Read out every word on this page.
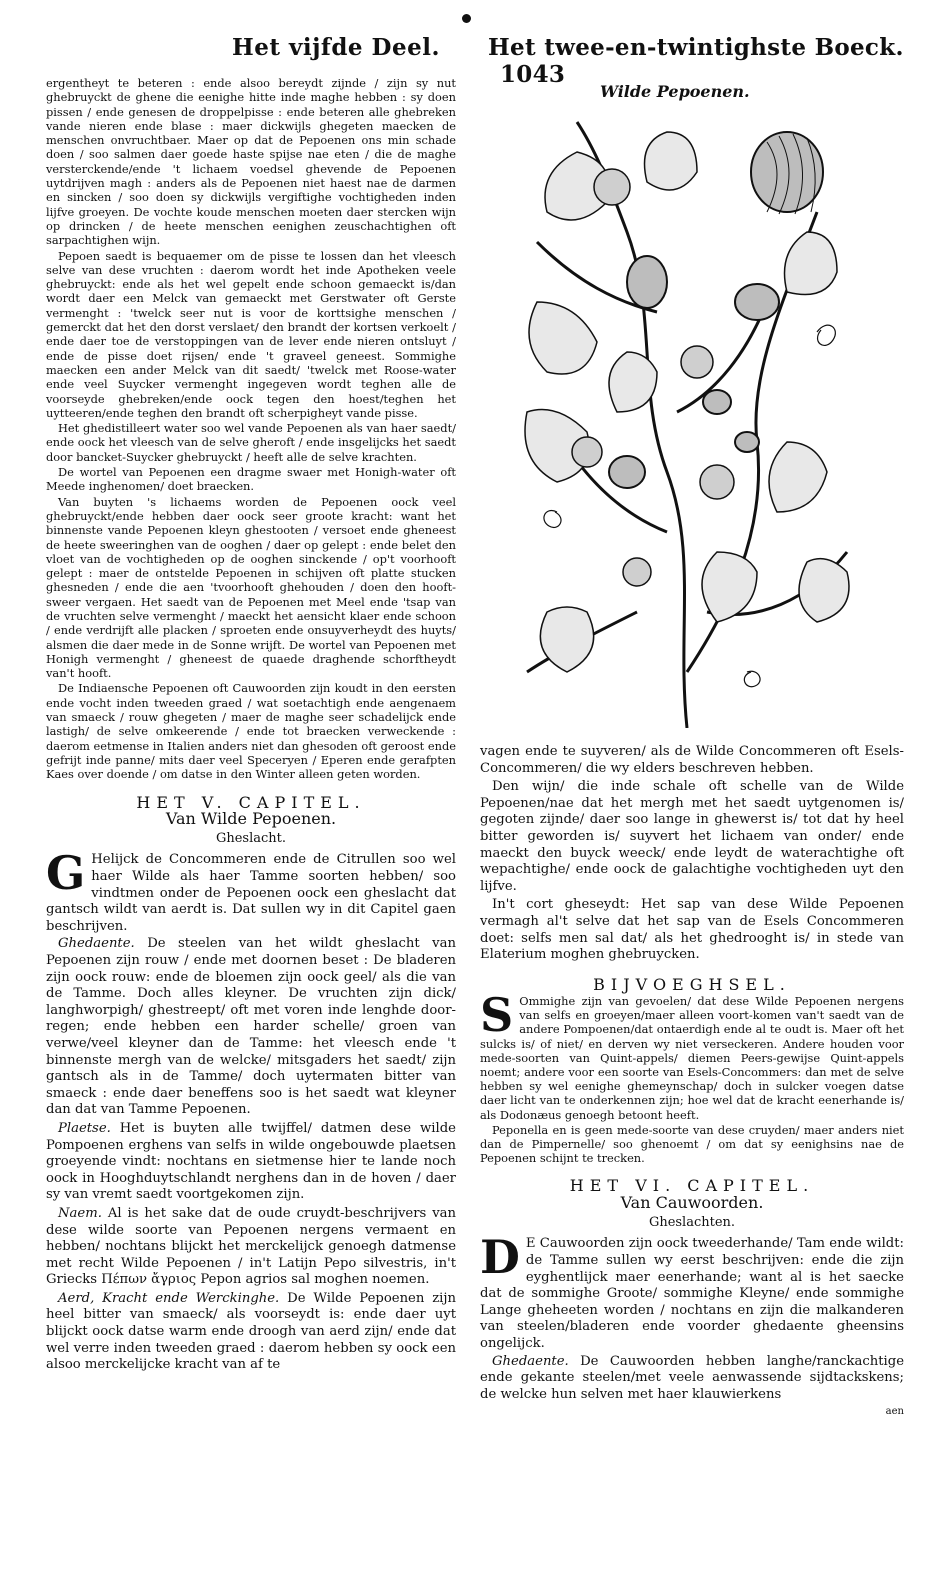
Het vijfde Deel. Het twee-en-twintighste Boeck. 1043

ergentheyt te beteren : ende alsoo bereydt zijnde / zijn sy nut ghebruyckt de ghene die eenighe hitte inde maghe hebben : sy doen pissen / ende genesen de droppelpisse : ende beteren alle ghebreken vande nieren ende blase : maer dickwijls ghegeten maecken de menschen onvruchtbaer. Maer op dat de Pepoenen ons min schade doen / soo salmen daer goede haste spijse nae eten / die de maghe versterckende/ende 't lichaem voedsel ghevende de Pepoenen uytdrijven magh : anders als de Pepoenen niet haest nae de darmen en sincken / soo doen sy dickwijls vergiftighe vochtigheden inden lijfve groeyen. De vochte koude menschen moeten daer stercken wijn op drincken / de heete menschen eenighen zeuschachtighen oft sarpachtighen wijn.

Pepoen saedt is bequaemer om de pisse te lossen dan het vleesch selve van dese vruchten : daerom wordt het inde Apotheken veele ghebruyckt: ende als het wel gepelt ende schoon gemaeckt is/dan wordt daer een Melck van gemaeckt met Gerstwater oft Gerste vermenght : 'twelck seer nut is voor de korttsighe menschen / gemerckt dat het den dorst verslaet/ den brandt der kortsen verkoelt / ende daer toe de verstoppingen van de lever ende nieren ontsluyt / ende de pisse doet rijsen/ ende 't graveel geneest. Sommighe maecken een ander Melck van dit saedt/ 'twelck met Roose-water ende veel Suycker vermenght ingegeven wordt teghen alle de voorseyde ghebreken/ende oock tegen den hoest/teghen het uytteeren/ende teghen den brandt oft scherpigheyt vande pisse.

Het ghedistilleert water soo wel vande Pepoenen als van haer saedt/ ende oock het vleesch van de selve gheroft / ende insgelijcks het saedt door bancket-Suycker ghebruyckt / heeft alle de selve krachten.

De wortel van Pepoenen een dragme swaer met Honigh-water oft Meede inghenomen/ doet braecken.

Van buyten 's lichaems worden de Pepoenen oock veel ghebruyckt/ende hebben daer oock seer groote kracht: want het binnenste vande Pepoenen kleyn ghestooten / versoet ende gheneest de heete sweeringhen van de ooghen / daer op gelept : ende belet den vloet van de vochtigheden op de ooghen sinckende / op't voorhooft gelept : maer de ontstelde Pepoenen in schijven oft platte stucken ghesneden / ende die aen 'tvoorhooft ghehouden / doen den hooft-sweer vergaen. Het saedt van de Pepoenen met Meel ende 'tsap van de vruchten selve vermenght / maeckt het aensicht klaer ende schoon / ende verdrijft alle placken / sproeten ende onsuyverheydt des huyts/ alsmen die daer mede in de Sonne wrijft. De wortel van Pepoenen met Honigh vermenght / gheneest de quaede draghende schorftheydt van't hooft.

De Indiaensche Pepoenen oft Cauwoorden zijn koudt in den eersten ende vocht inden tweeden graed / wat soetachtigh ende aengenaem van smaeck / rouw ghegeten / maer de maghe seer schadelijck ende lastigh/ de selve omkeerende / ende tot braecken verweckende : daerom eetmense in Italien anders niet dan ghesoden oft geroost ende gefrijt inde panne/ mits daer veel Speceryen / Eperen ende gerafpten Kaes over doende / om datse in den Winter alleen geten worden.

HET V. CAPITEL.
Van Wilde Pepoenen.
Gheslacht.

G Helijck de Concommeren ende de Citrullen soo wel haer Wilde als haer Tamme soorten hebben/ soo vindtmen onder de Pepoenen oock een gheslacht dat gantsch wildt van aerdt is. Dat sullen wy in dit Capitel gaen beschrijven.

Ghedaente. De steelen van het wildt gheslacht van Pepoenen zijn rouw / ende met doornen beset : De bladeren zijn oock rouw: ende de bloemen zijn oock geel/ als die van de Tamme. Doch alles kleyner. De vruchten zijn dick/ langhworpigh/ ghestreept/ oft met voren inde lenghde door-regen; ende hebben een harder schelle/ groen van verwe/veel kleyner dan de Tamme: het vleesch ende 't binnenste mergh van de welcke/ mitsgaders het saedt/ zijn gantsch als in de Tamme/ doch uytermaten bitter van smaeck : ende daer beneffens soo is het saedt wat kleyner dan dat van Tamme Pepoenen.

Plaetse. Het is buyten alle twijffel/ datmen dese wilde Pompoenen erghens van selfs in wilde ongebouwde plaetsen groeyende vindt: nochtans en sietmense hier te lande noch oock in Hooghduytschlandt nerghens dan in de hoven / daer sy van vremt saedt voortgekomen zijn.

Naem. Al is het sake dat de oude cruydt-beschrijvers van dese wilde soorte van Pepoenen nergens vermaent en hebben/ nochtans blijckt het merckelijck genoegh datmense met recht Wilde Pepoenen / in't Latijn Pepo silvestris, in't Griecks Πέπων ἄγριος Pepon agrios sal moghen noemen.

Aerd, Kracht ende Werckinghe. De Wilde Pepoenen zijn heel bitter van smaeck/ als voorseydt is: ende daer uyt blijckt oock datse warm ende droogh van aerd zijn/ ende dat wel verre inden tweeden graed : daerom hebben sy oock een alsoo merckelijcke kracht van af te

Wilde Pepoenen.

vagen ende te suyveren/ als de Wilde Concommeren oft Esels-Concommeren/ die wy elders beschreven hebben.

Den wijn/ die inde schale oft schelle van de Wilde Pepoenen/nae dat het mergh met het saedt uytgenomen is/ gegoten zijnde/ daer soo lange in ghewerst is/ tot dat hy heel bitter geworden is/ suyvert het lichaem van onder/ ende maeckt den buyck weeck/ ende leydt de waterachtighe oft wepachtighe/ ende oock de galachtighe vochtigheden uyt den lijfve.

In't cort gheseydt: Het sap van dese Wilde Pepoenen vermagh al't selve dat het sap van de Esels Concommeren doet: selfs men sal dat/ als het ghedrooght is/ in stede van Elaterium moghen ghebruycken.

BIJVOEGHSEL.

S Ommighe zijn van gevoelen/ dat dese Wilde Pepoenen nergens van selfs en groeyen/maer alleen voort-komen van't saedt van de andere Pompoenen/dat ontaerdigh ende al te oudt is. Maer oft het sulcks is/ of niet/ en derven wy niet verseckeren. Andere houden voor mede-soorten van Quint-appels/ diemen Peers-gewijse Quint-appels noemt; andere voor een soorte van Esels-Concommers: dan met de selve hebben sy wel eenighe ghemeynschap/ doch in sulcker voegen datse daer licht van te onderkennen zijn; hoe wel dat de kracht eenerhande is/ als Dodonæus genoegh betoont heeft.

Peponella en is geen mede-soorte van dese cruyden/ maer anders niet dan de Pimpernelle/ soo ghenoemt / om dat sy eenighsins nae de Pepoenen schijnt te trecken.

HET VI. CAPITEL.
Van Cauwoorden.
Gheslachten.

D E Cauwoorden zijn oock tweederhande/ Tam ende wildt: de Tamme sullen wy eerst beschrijven: ende die zijn eyghentlijck maer eenerhande; want al is het saecke dat de sommighe Groote/ sommighe Kleyne/ ende sommighe Lange gheheeten worden / nochtans en zijn die malkanderen van steelen/bladeren ende voorder ghedaente gheensins ongelijck.

Ghedaente. De Cauwoorden hebben langhe/ranckachtige ende gekante steelen/met veele aenwassende sijdtackskens; de welcke hun selven met haer klauwierkens

aen
